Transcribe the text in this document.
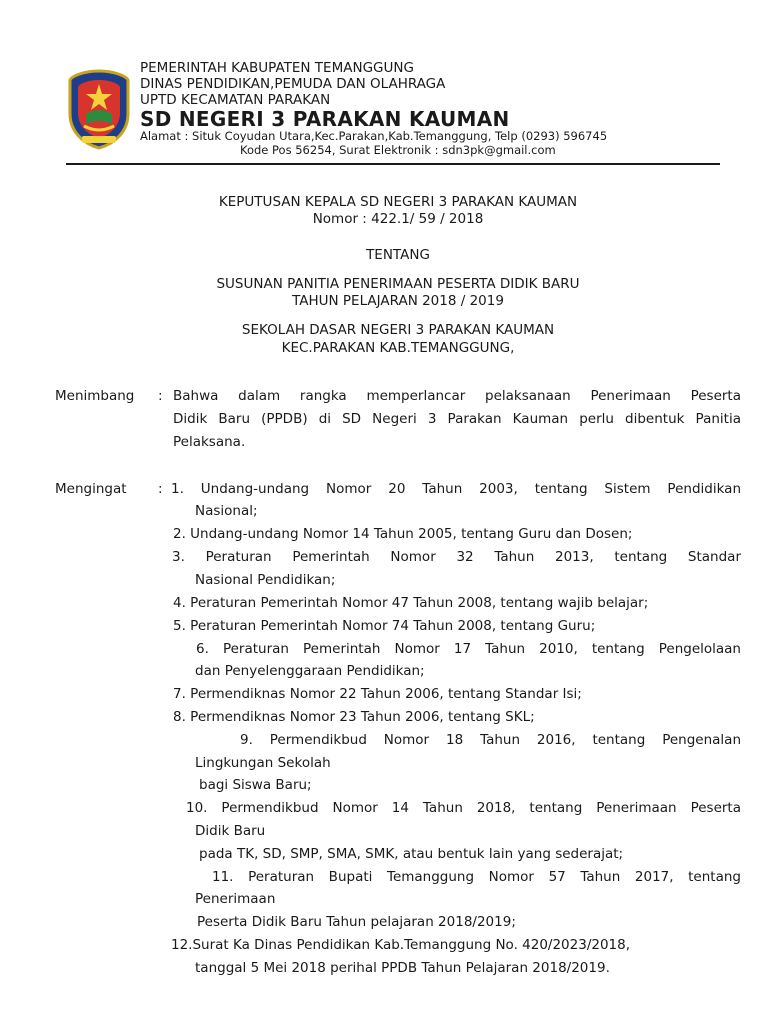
PEMERINTAH KABUPATEN TEMANGGUNG
DINAS PENDIDIKAN,PEMUDA DAN OLAHRAGA
UPTD KECAMATAN PARAKAN
SD NEGERI 3 PARAKAN KAUMAN
Alamat : Situk Coyudan Utara,Kec.Parakan,Kab.Temanggung, Telp (0293) 596745
Kode Pos 56254, Surat Elektronik : sdn3pk@gmail.com
KEPUTUSAN KEPALA SD NEGERI 3 PARAKAN KAUMAN
Nomor : 422.1/ 59 / 2018
TENTANG
SUSUNAN PANITIA PENERIMAAN PESERTA DIDIK BARU
TAHUN PELAJARAN 2018 / 2019
SEKOLAH DASAR NEGERI 3 PARAKAN KAUMAN
KEC.PARAKAN KAB.TEMANGGUNG,
Menimbang : Bahwa dalam rangka memperlancar pelaksanaan Penerimaan Peserta
Didik Baru (PPDB) di SD Negeri 3 Parakan Kauman perlu dibentuk Panitia
Pelaksana.
Mengingat : 1. Undang-undang Nomor 20 Tahun 2003, tentang Sistem Pendidikan
Nasional;
2. Undang-undang Nomor 14 Tahun 2005, tentang Guru dan Dosen;
3. Peraturan Pemerintah Nomor 32 Tahun 2013, tentang Standar
Nasional Pendidikan;
4. Peraturan Pemerintah Nomor 47 Tahun 2008, tentang wajib belajar;
5. Peraturan Pemerintah Nomor 74 Tahun 2008, tentang Guru;
6. Peraturan Pemerintah Nomor 17 Tahun 2010, tentang Pengelolaan
dan Penyelenggaraan Pendidikan;
7. Permendiknas Nomor 22 Tahun 2006, tentang Standar Isi;
8. Permendiknas Nomor 23 Tahun 2006, tentang SKL;
9. Permendikbud Nomor 18 Tahun 2016, tentang Pengenalan
Lingkungan Sekolah
bagi Siswa Baru;
10. Permendikbud Nomor 14 Tahun 2018, tentang Penerimaan Peserta
Didik Baru
pada TK, SD, SMP, SMA, SMK, atau bentuk lain yang sederajat;
11. Peraturan Bupati Temanggung Nomor 57 Tahun 2017, tentang
Penerimaan
Peserta Didik Baru Tahun pelajaran 2018/2019;
12.Surat Ka Dinas Pendidikan Kab.Temanggung No. 420/2023/2018,
tanggal 5 Mei 2018 perihal PPDB Tahun Pelajaran 2018/2019.
